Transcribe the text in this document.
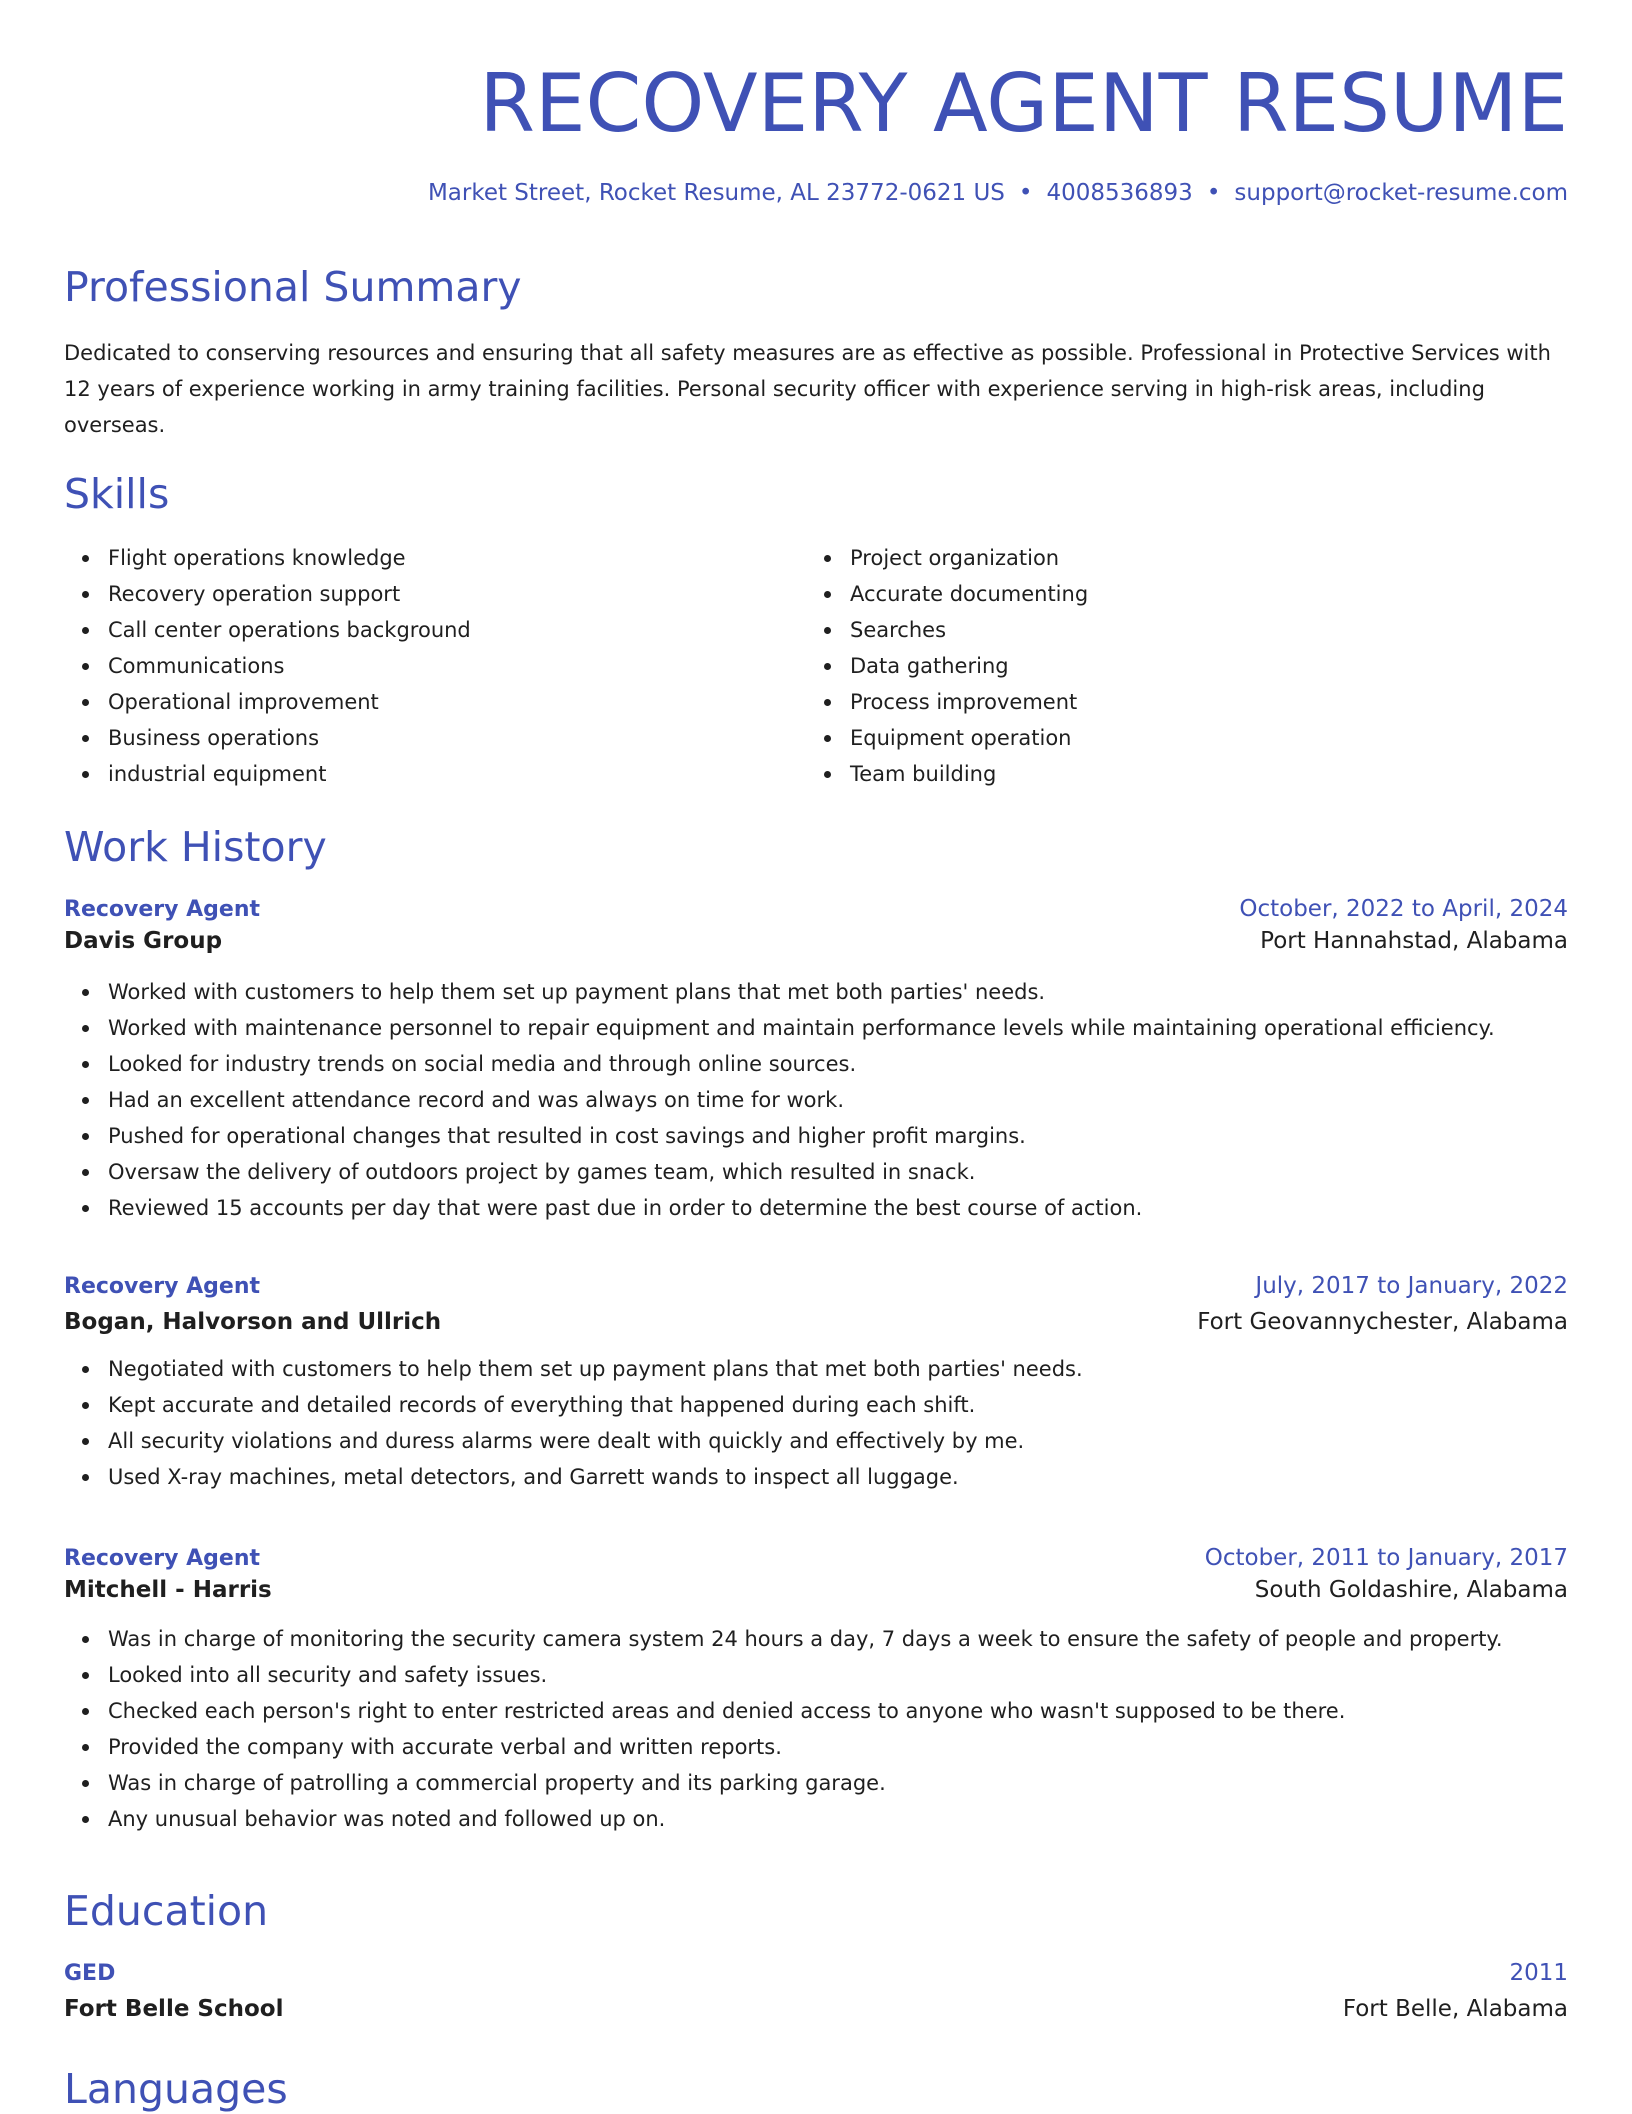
RECOVERY AGENT RESUME
Market Street, Rocket Resume, AL 23772-0621 US • 4008536893 • support@rocket-resume.com
Professional Summary

Dedicated to conserving resources and ensuring that all safety measures are as effective as possible. Professional in Protective Services with 12 years of experience working in army training facilities. Personal security officer with experience serving in high-risk areas, including overseas.

Skills
Flight operations knowledge
Recovery operation support
Call center operations background
Communications
Operational improvement
Business operations
industrial equipment
Project organization
Accurate documenting
Searches
Data gathering
Process improvement
Equipment operation
Team building
Work History
Recovery Agent	October, 2022 to April, 2024
Davis Group	Port Hannahstad, Alabama
Worked with customers to help them set up payment plans that met both parties' needs.
Worked with maintenance personnel to repair equipment and maintain performance levels while maintaining operational efficiency.
Looked for industry trends on social media and through online sources.
Had an excellent attendance record and was always on time for work.
Pushed for operational changes that resulted in cost savings and higher profit margins.
Oversaw the delivery of outdoors project by games team, which resulted in snack.
Reviewed 15 accounts per day that were past due in order to determine the best course of action.
Recovery Agent	July, 2017 to January, 2022
Bogan, Halvorson and Ullrich	Fort Geovannychester, Alabama
Negotiated with customers to help them set up payment plans that met both parties' needs.
Kept accurate and detailed records of everything that happened during each shift.
All security violations and duress alarms were dealt with quickly and effectively by me.
Used X-ray machines, metal detectors, and Garrett wands to inspect all luggage.
Recovery Agent	October, 2011 to January, 2017
Mitchell - Harris	South Goldashire, Alabama
Was in charge of monitoring the security camera system 24 hours a day, 7 days a week to ensure the safety of people and property.
Looked into all security and safety issues.
Checked each person's right to enter restricted areas and denied access to anyone who wasn't supposed to be there.
Provided the company with accurate verbal and written reports.
Was in charge of patrolling a commercial property and its parking garage.
Any unusual behavior was noted and followed up on.
Education
GED	2011
Fort Belle School	Fort Belle, Alabama
Languages
